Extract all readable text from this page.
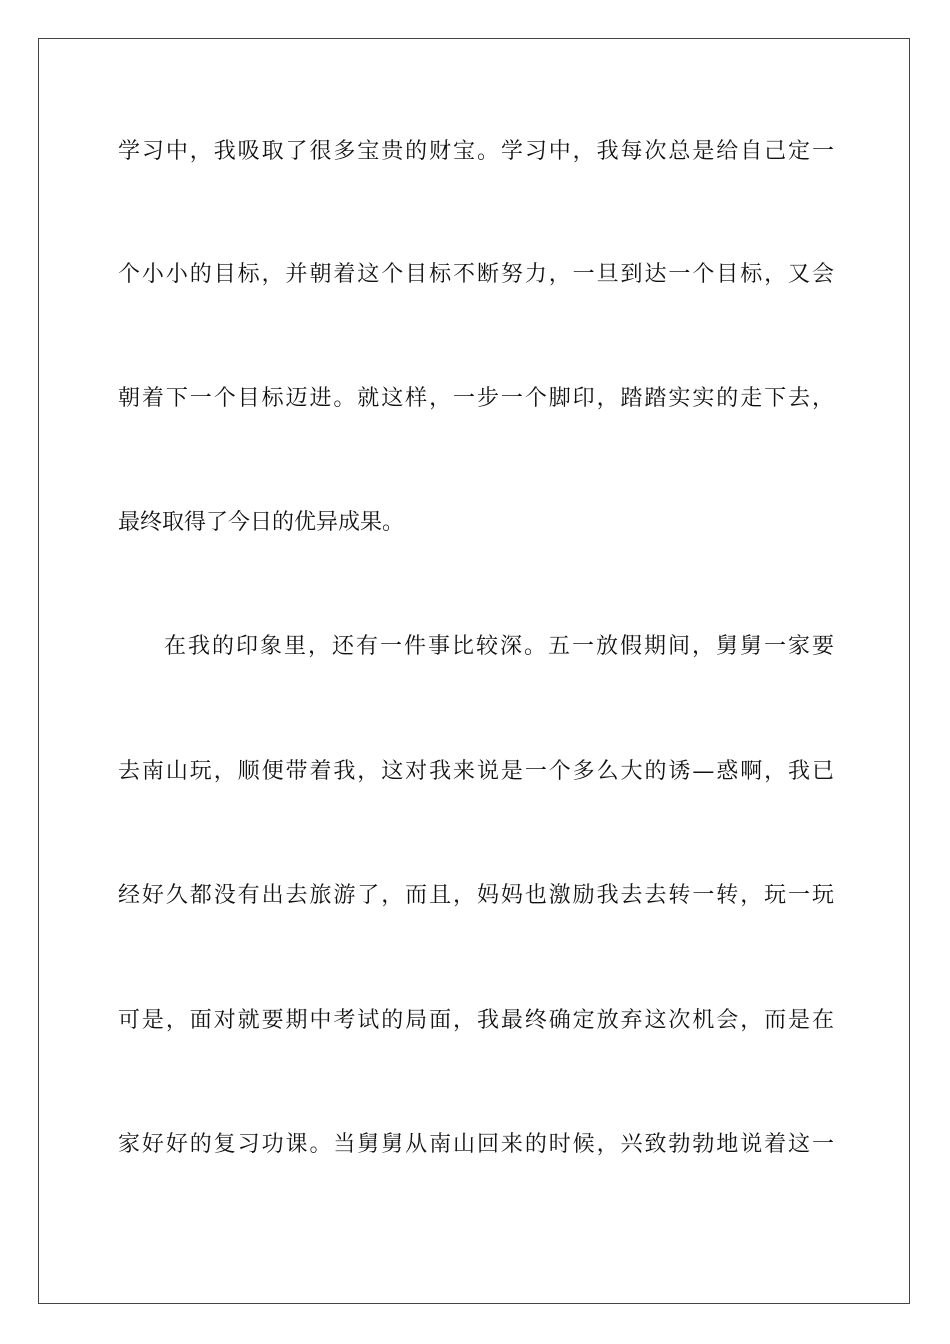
学习中，我吸取了很多宝贵的财宝。学习中，我每次总是给自己定一
个小小的目标，并朝着这个目标不断努力，一旦到达一个目标，又会
朝着下一个目标迈进。就这样，一步一个脚印，踏踏实实的走下去，
最终取得了今日的优异成果。
在我的印象里，还有一件事比较深。五一放假期间，舅舅一家要
去南山玩，顺便带着我，这对我来说是一个多么大的诱—惑啊，我已
经好久都没有出去旅游了，而且，妈妈也激励我去去转一转，玩一玩
可是，面对就要期中考试的局面，我最终确定放弃这次机会，而是在
家好好的复习功课。当舅舅从南山回来的时候，兴致勃勃地说着这一
